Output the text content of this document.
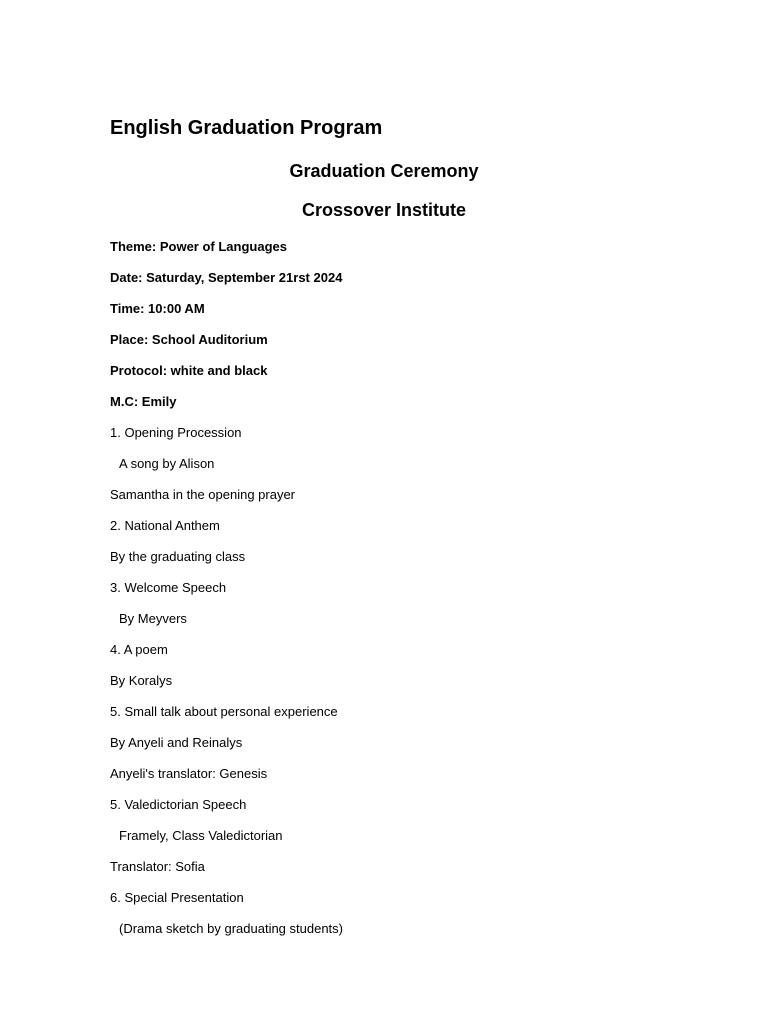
English Graduation Program
Graduation Ceremony
Crossover Institute
Theme: Power of Languages
Date: Saturday, September 21rst 2024
Time: 10:00 AM
Place: School Auditorium
Protocol: white and black
M.C: Emily
1. Opening Procession
A song by Alison
Samantha in the opening prayer
2. National Anthem
By the graduating class
3. Welcome Speech
By Meyvers
4. A poem
By Koralys
5. Small talk about personal experience
By Anyeli and Reinalys
Anyeli's translator: Genesis
5. Valedictorian Speech
Framely, Class Valedictorian
Translator: Sofia
6. Special Presentation
(Drama sketch by graduating students)
